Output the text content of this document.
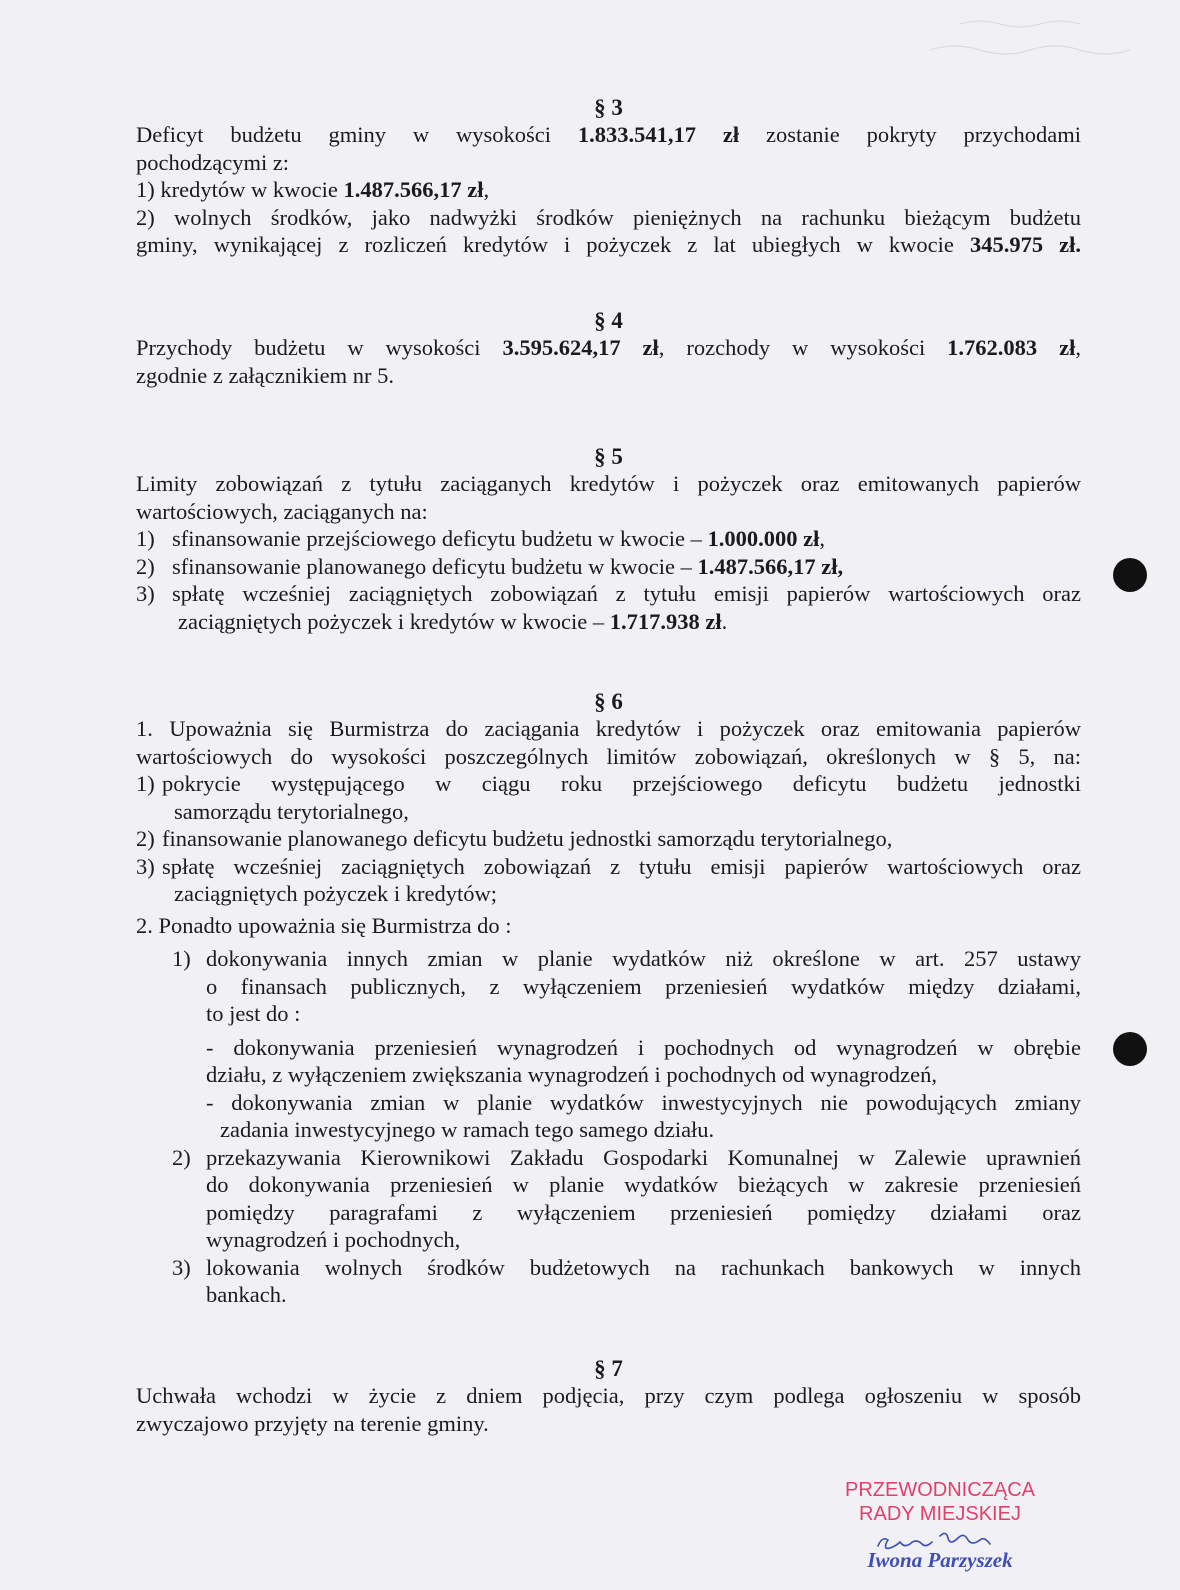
§ 3

Deficyt budżetu gminy w wysokości 1.833.541,17 zł zostanie pokryty przychodami

pochodzącymi z:

1) kredytów w kwocie 1.487.566,17 zł,

2) wolnych środków, jako nadwyżki środków pieniężnych na rachunku bieżącym budżetu

gminy, wynikającej z rozliczeń kredytów i pożyczek z lat ubiegłych w kwocie 345.975 zł.

§ 4

Przychody budżetu w wysokości 3.595.624,17 zł, rozchody w wysokości 1.762.083 zł,

zgodnie z załącznikiem nr 5.

§ 5

Limity zobowiązań z tytułu zaciąganych kredytów i pożyczek oraz emitowanych papierów

wartościowych, zaciąganych na:

1) sfinansowanie przejściowego deficytu budżetu w kwocie – 1.000.000 zł,
2) sfinansowanie planowanego deficytu budżetu w kwocie – 1.487.566,17 zł,
3) spłatę wcześniej zaciągniętych zobowiązań z tytułu emisji papierów wartościowych oraz

zaciągniętych pożyczek i kredytów w kwocie – 1.717.938 zł.

§ 6

1. Upoważnia się Burmistrza do zaciągania kredytów i pożyczek oraz emitowania papierów

wartościowych do wysokości poszczególnych limitów zobowiązań, określonych w § 5, na:

1) pokrycie występującego w ciągu roku przejściowego deficytu budżetu jednostki

samorządu terytorialnego,

2) finansowanie planowanego deficytu budżetu jednostki samorządu terytorialnego,
3) spłatę wcześniej zaciągniętych zobowiązań z tytułu emisji papierów wartościowych oraz

zaciągniętych pożyczek i kredytów;

2. Ponadto upoważnia się Burmistrza do :

1) dokonywania innych zmian w planie wydatków niż określone w art. 257 ustawy

o finansach publicznych, z wyłączeniem przeniesień wydatków między działami,

to jest do :

- dokonywania przeniesień wynagrodzeń i pochodnych od wynagrodzeń w obrębie

działu, z wyłączeniem zwiększania wynagrodzeń i pochodnych od wynagrodzeń,

- dokonywania zmian w planie wydatków inwestycyjnych nie powodujących zmiany

zadania inwestycyjnego w ramach tego samego działu.

2) przekazywania Kierownikowi Zakładu Gospodarki Komunalnej w Zalewie uprawnień

do dokonywania przeniesień w planie wydatków bieżących w zakresie przeniesień

pomiędzy paragrafami z wyłączeniem przeniesień pomiędzy działami oraz

wynagrodzeń i pochodnych,

3) lokowania wolnych środków budżetowych na rachunkach bankowych w innych

bankach.

§ 7

Uchwała wchodzi w życie z dniem podjęcia, przy czym podlega ogłoszeniu w sposób

zwyczajowo przyjęty na terenie gminy.

PRZEWODNICZĄCA
RADY MIEJSKIEJ
Iwona Parzyszek
